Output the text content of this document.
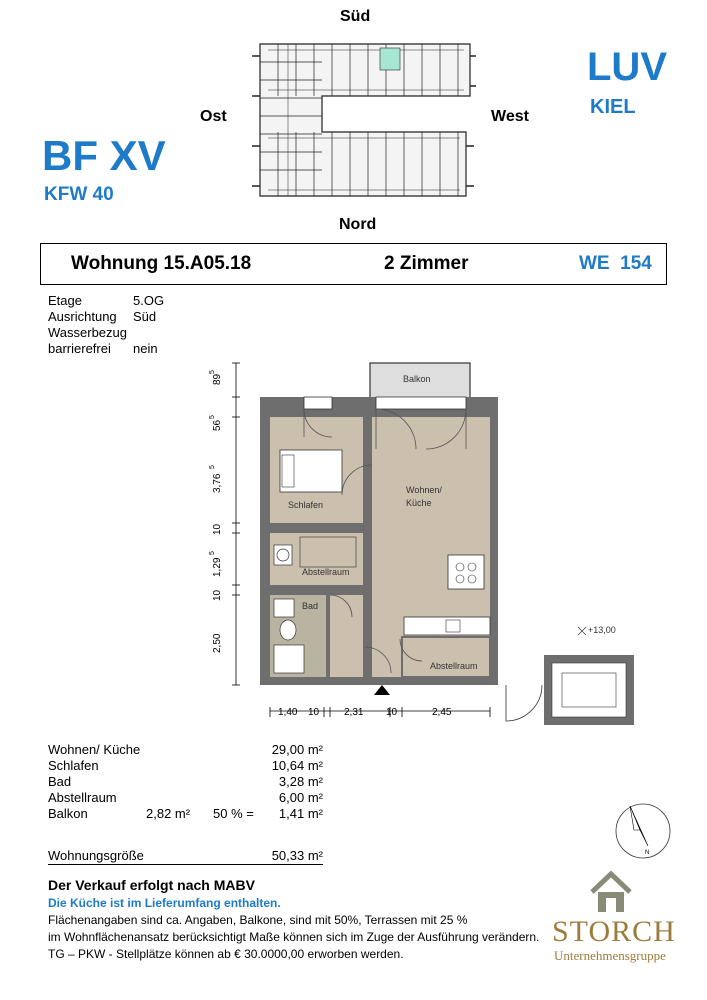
Süd
Ost	West
Nord
LUV
KIEL
BF XV
KFW 40
Wohnung 15.A05.18	2 Zimmer	WE  154
Etage	5.OG
Ausrichtung Süd
Wasserbezug
barrierefrei nein
Balkon
Wohnen/
Küche
Schlafen
Abstellraum
Bad
Abstellraum
+13,00
89
5
56
5
3,76
5
10
1,29
5
10
2,50
1,40 10 2,31 10	2,45
Wohnen/ Küche	29,00 m²
Schlafen	10,64 m²
Bad	3,28 m²
Abstellraum	6,00 m²
Balkon	2,82 m² 50 % = 1,41 m²
Wohnungsgröße	50,33 m²	N
Der Verkauf erfolgt nach MABV
Die Küche ist im Lieferumfang enthalten.
Flächenangaben sind ca. Angaben, Balkone, sind mit 50%, Terrassen mit 25 %
im Wohnflächenansatz berücksichtigt Maße können sich im Zuge der Ausführung verändern.
TG – PKW - Stellplätze können ab € 30.0000,00 erworben werden.
STORCH
Unternehmensgruppe
